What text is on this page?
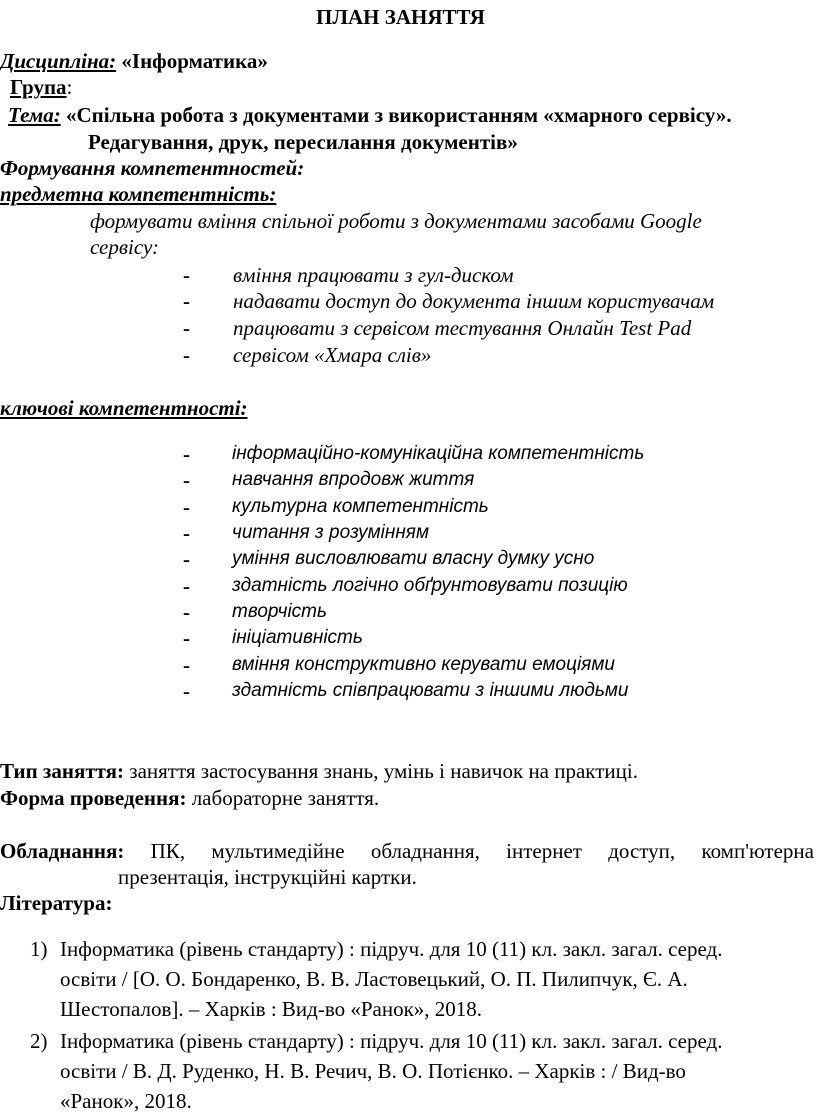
ПЛАН ЗАНЯТТЯ
Дисципліна: «Інформатика»
Група:
Тема: «Спільна робота з документами з використанням «хмарного сервісу».
Редагування, друк, пересилання документів»
Формування компетентностей:
предметна компетентність:
формувати вміння спільної роботи з документами засобами Google
сервісу:
- вміння працювати з гул-диском
- надавати доступ до документа іншим користувачам
- працювати з сервісом тестування Онлайн Test Pad
- сервісом «Хмара слів»
ключові компетентності:
- інформаційно-комунікаційна компетентність
- навчання впродовж життя
- культурна компетентність
- читання з розумінням
- уміння висловлювати власну думку усно
- здатність логічно обґрунтовувати позицію
- творчість
- ініціативність
- вміння конструктивно керувати емоціями
- здатність співпрацювати з іншими людьми
Тип заняття: заняття застосування знань, умінь і навичок на практиці.
Форма проведення: лабораторне заняття.
Обладнання: ПК, мультимедійне обладнання, інтернет доступ, комп'ютерна
презентація, інструкційні картки.
Література:
1) Інформатика (рівень стандарту) : підруч. для 10 (11) кл. закл. загал. серед.
освіти / [О. О. Бондаренко, В. В. Ластовецький, О. П. Пилипчук, Є. А.
Шестопалов]. – Харків : Вид-во «Ранок», 2018.
2) Інформатика (рівень стандарту) : підруч. для 10 (11) кл. закл. загал. серед.
освіти / В. Д. Руденко, Н. В. Речич, В. О. Потієнко. – Харків : / Вид-во
«Ранок», 2018.
